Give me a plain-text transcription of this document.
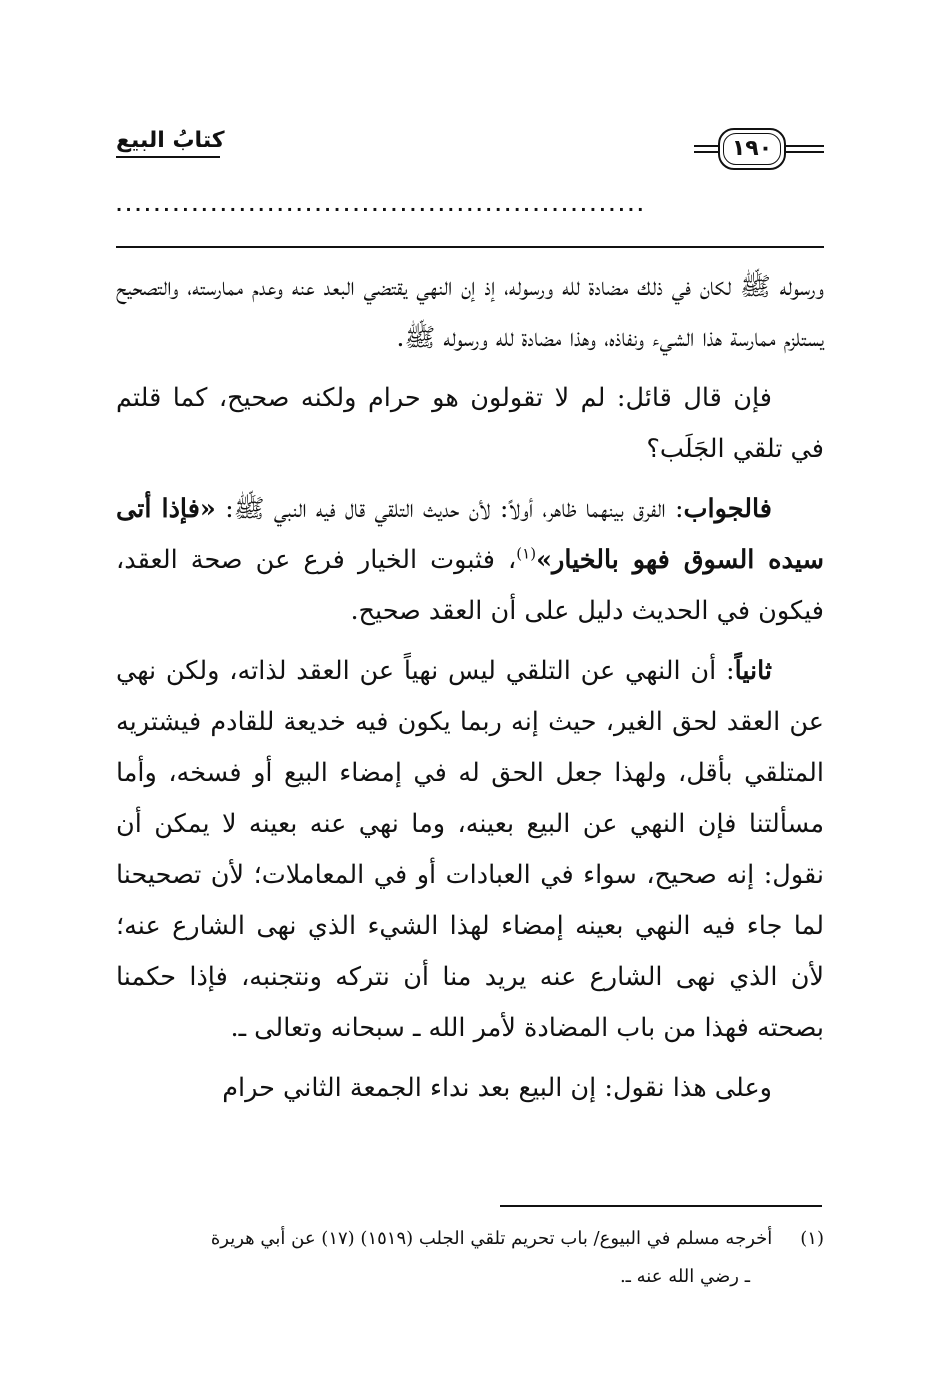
كتابُ البيع	١٩٠
........................................................

ورسوله ﷺ لكان في ذلك مضادة لله ورسوله، إذ إن النهي يقتضي البعد عنه وعدم ممارسته، والتصحيح يستلزم ممارسة هذا الشيء ونفاذه، وهذا مضادة لله ورسوله ﷺ.

فإن قال قائل: لم لا تقولون هو حرام ولكنه صحيح، كما قلتم في تلقي الجَلَب؟

فالجواب: الفرق بينهما ظاهر، أولاً: لأن حديث التلقي قال فيه النبي ﷺ: «فإذا أتى سيده السوق فهو بالخيار»$^{(١)}$، فثبوت الخيار فرع عن صحة العقد، فيكون في الحديث دليل على أن العقد صحيح.

ثانياً: أن النهي عن التلقي ليس نهياً عن العقد لذاته، ولكن نهي عن العقد لحق الغير، حيث إنه ربما يكون فيه خديعة للقادم فيشتريه المتلقي بأقل، ولهذا جعل الحق له في إمضاء البيع أو فسخه، وأما مسألتنا فإن النهي عن البيع بعينه، وما نهي عنه بعينه لا يمكن أن نقول: إنه صحيح، سواء في العبادات أو في المعاملات؛ لأن تصحيحنا لما جاء فيه النهي بعينه إمضاء لهذا الشيء الذي نهى الشارع عنه؛ لأن الذي نهى الشارع عنه يريد منا أن نتركه ونتجنبه، فإذا حكمنا بصحته فهذا من باب المضادة لأمر الله ـ سبحانه وتعالى ـ.

وعلى هذا نقول: إن البيع بعد نداء الجمعة الثاني حرام

(١)أخرجه مسلم في البيوع/ باب تحريم تلقي الجلب (١٥١٩) (١٧) عن أبي هريرة

ـ رضي الله عنه ـ.
